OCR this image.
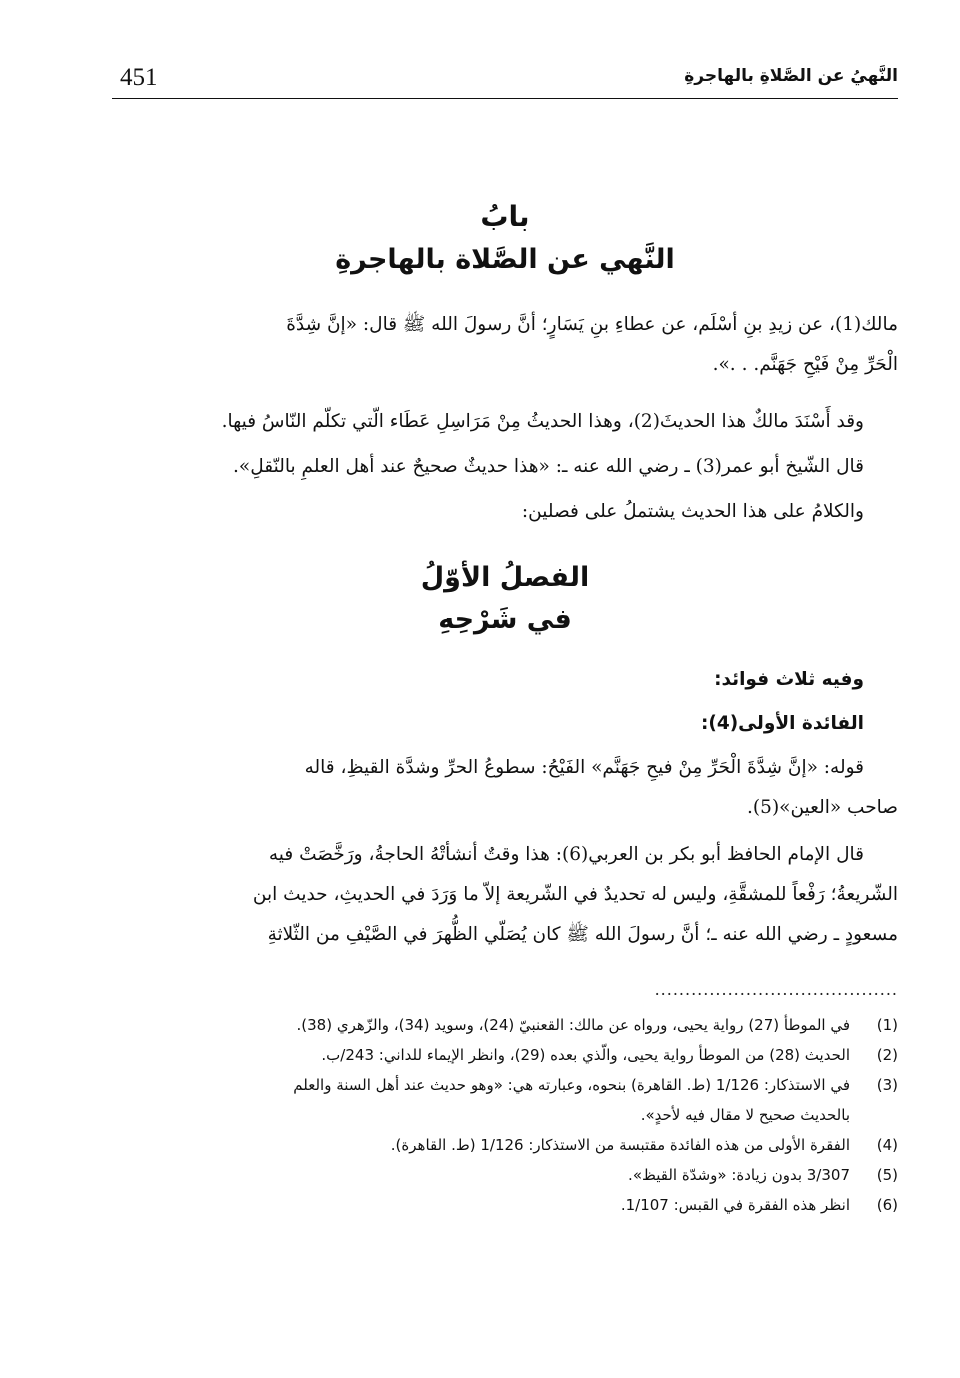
451	النَّهيُ عن الصَّلاةِ بالهاجرةِ
بابُ
النَّهي عن الصَّلاة بالهاجرةِ
مالك(1)، عن زيدِ بنِ أسْلَم، عن عطاءِ بنِ يَسَارٍ؛ أنَّ رسولَ الله ﷺ قال: «إنَّ شِدَّةَ
الْحَرِّ مِنْ فَيْحِ جَهَنَّم. . .».
وقد أَسْنَدَ مالكٌ هذا الحديثَ(2)، وهذا الحديثُ مِنْ مَرَاسِلِ عَطَاء الّتي تكلّم النّاسُ فيها.
قال الشّيخ أبو عمر(3) ـ رضي الله عنه ـ: «هذا حديثٌ صحيحٌ عند أهل العلمِ بالنّقلِ».
والكلامُ على هذا الحديث يشتملُ على فصلين:
الفصلُ الأوّلُ
في شَرْحِهِ
وفيه ثلاث فوائد:
الفائدة الأولى(4):
قوله: «إنَّ شِدَّةَ الْحَرِّ مِنْ فيحِ جَهَنَّم» الفَيْحُ: سطوعُ الحرِّ وشدَّة القيظِ، قاله
صاحب «العين»(5).
قال الإمام الحافظ أبو بكر بن العربي(6): هذا وقتٌ أنشأتْهُ الحاجةُ، ورَخَّصَتْ فيه
الشّريعةُ؛ رَفْعاً للمشقَّةِ، وليس له تحديدٌ في الشّريعة إلاّ ما وَرَدَ في الحديثِ، حديث ابن
مسعودٍ ـ رضي الله عنه ـ؛ أنَّ رسولَ الله ﷺ كان يُصَلّي الظُّهرَ في الصَّيْفِ من الثّلاثةِ
........................................
(1)
في الموطأ (27) رواية يحيى، ورواه عن مالك: القعنبيّ (24)، وسويد (34)، والزّهري (38).
(2)
الحديث (28) من الموطأ رواية يحيى، والّذي بعده (29)، وانظر الإيماء للداني: 243/ب.
(3)
في الاستذكار: 1/126 (ط. القاهرة) بنحوه، وعبارته هي: «وهو حديث عند أهل السنة والعلم
بالحديث صحيح لا مقال فيه لأحدٍ».
(4)
الفقرة الأولى من هذه الفائدة مقتبسة من الاستذكار: 1/126 (ط. القاهرة).
(5)
3/307 بدون زيادة: «وشدّة القيظ».
(6)
انظر هذه الفقرة في القبس: 1/107.
